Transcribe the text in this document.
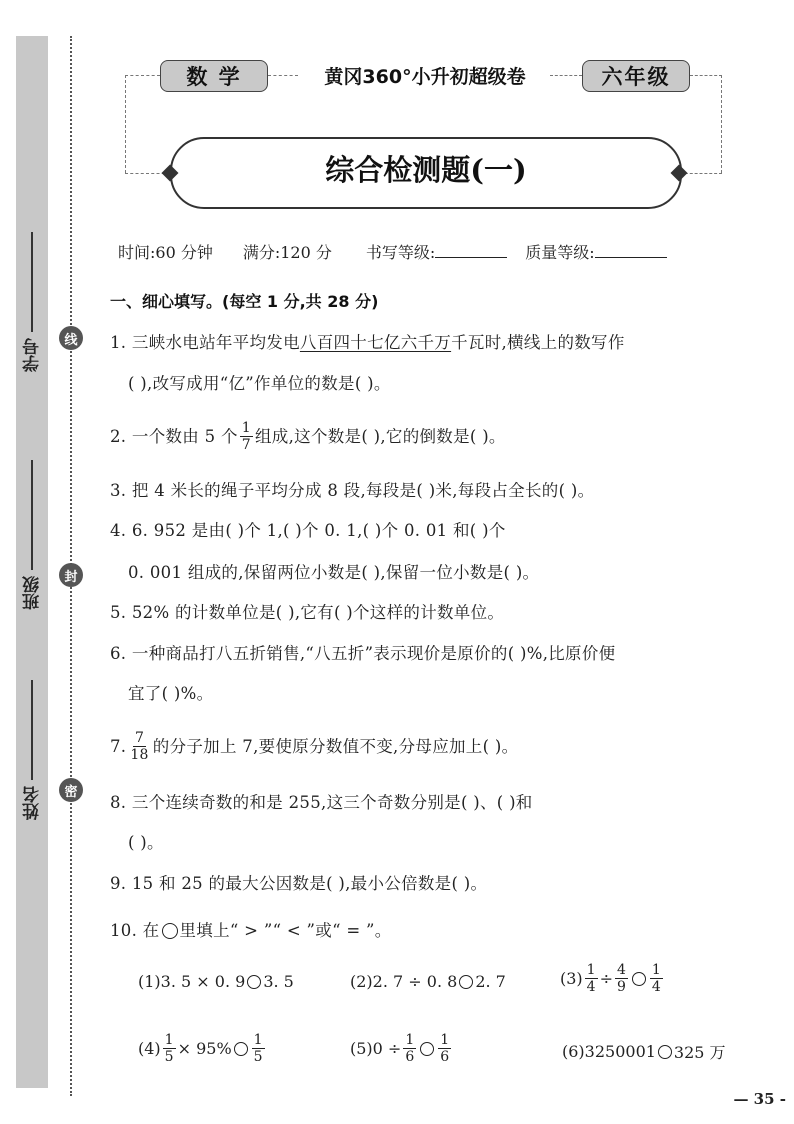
学号
班级
姓名
线
封
密
数 学	黄冈360°小升初超级卷	六年级
综合检测题(一)
时间:60 分钟 满分:120 分 书写等级:	质量等级:
一、细心填写。(每空 1 分,共 28 分)
1. 三峡水电站年平均发电八百四十七亿六千万千瓦时,横线上的数写作
( ),改写成用“亿”作单位的数是( )。
2. 一个数由 5 个 $\frac{1}{7}$ 组成,这个数是( ),它的倒数是( )。
3. 把 4 米长的绳子平均分成 8 段,每段是( )米,每段占全长的( )。
4. 6. 952 是由( )个 1,( )个 0. 1,( )个 0. 01 和( )个
0. 001 组成的,保留两位小数是( ),保留一位小数是( )。
5. 52% 的计数单位是( ),它有( )个这样的计数单位。
6. 一种商品打八五折销售,“八五折”表示现价是原价的( )%,比原价便
宜了( )%。
7. $\frac{7}{18}$ 的分子加上 7,要使原分数值不变,分母应加上( )。
8. 三个连续奇数的和是 255,这三个奇数分别是( )、( )和
( )。
9. 15 和 25 的最大公因数是( ),最小公倍数是( )。
10. 在 里填上“ > ”“ < ”或“ = ”。
(1)3. 5 × 0. 9 3. 5	(2)2. 7 ÷ 0. 8 2. 7	$(3) \frac{1}{4} \div \frac{4}{9} \frac{1}{4}$
$(4) \frac{1}{5} \times 95\% \frac{1}{5}$	$(5)0 \div \frac{1}{6} \frac{1}{6}$	(6)3250001 325 万
— 35 -
